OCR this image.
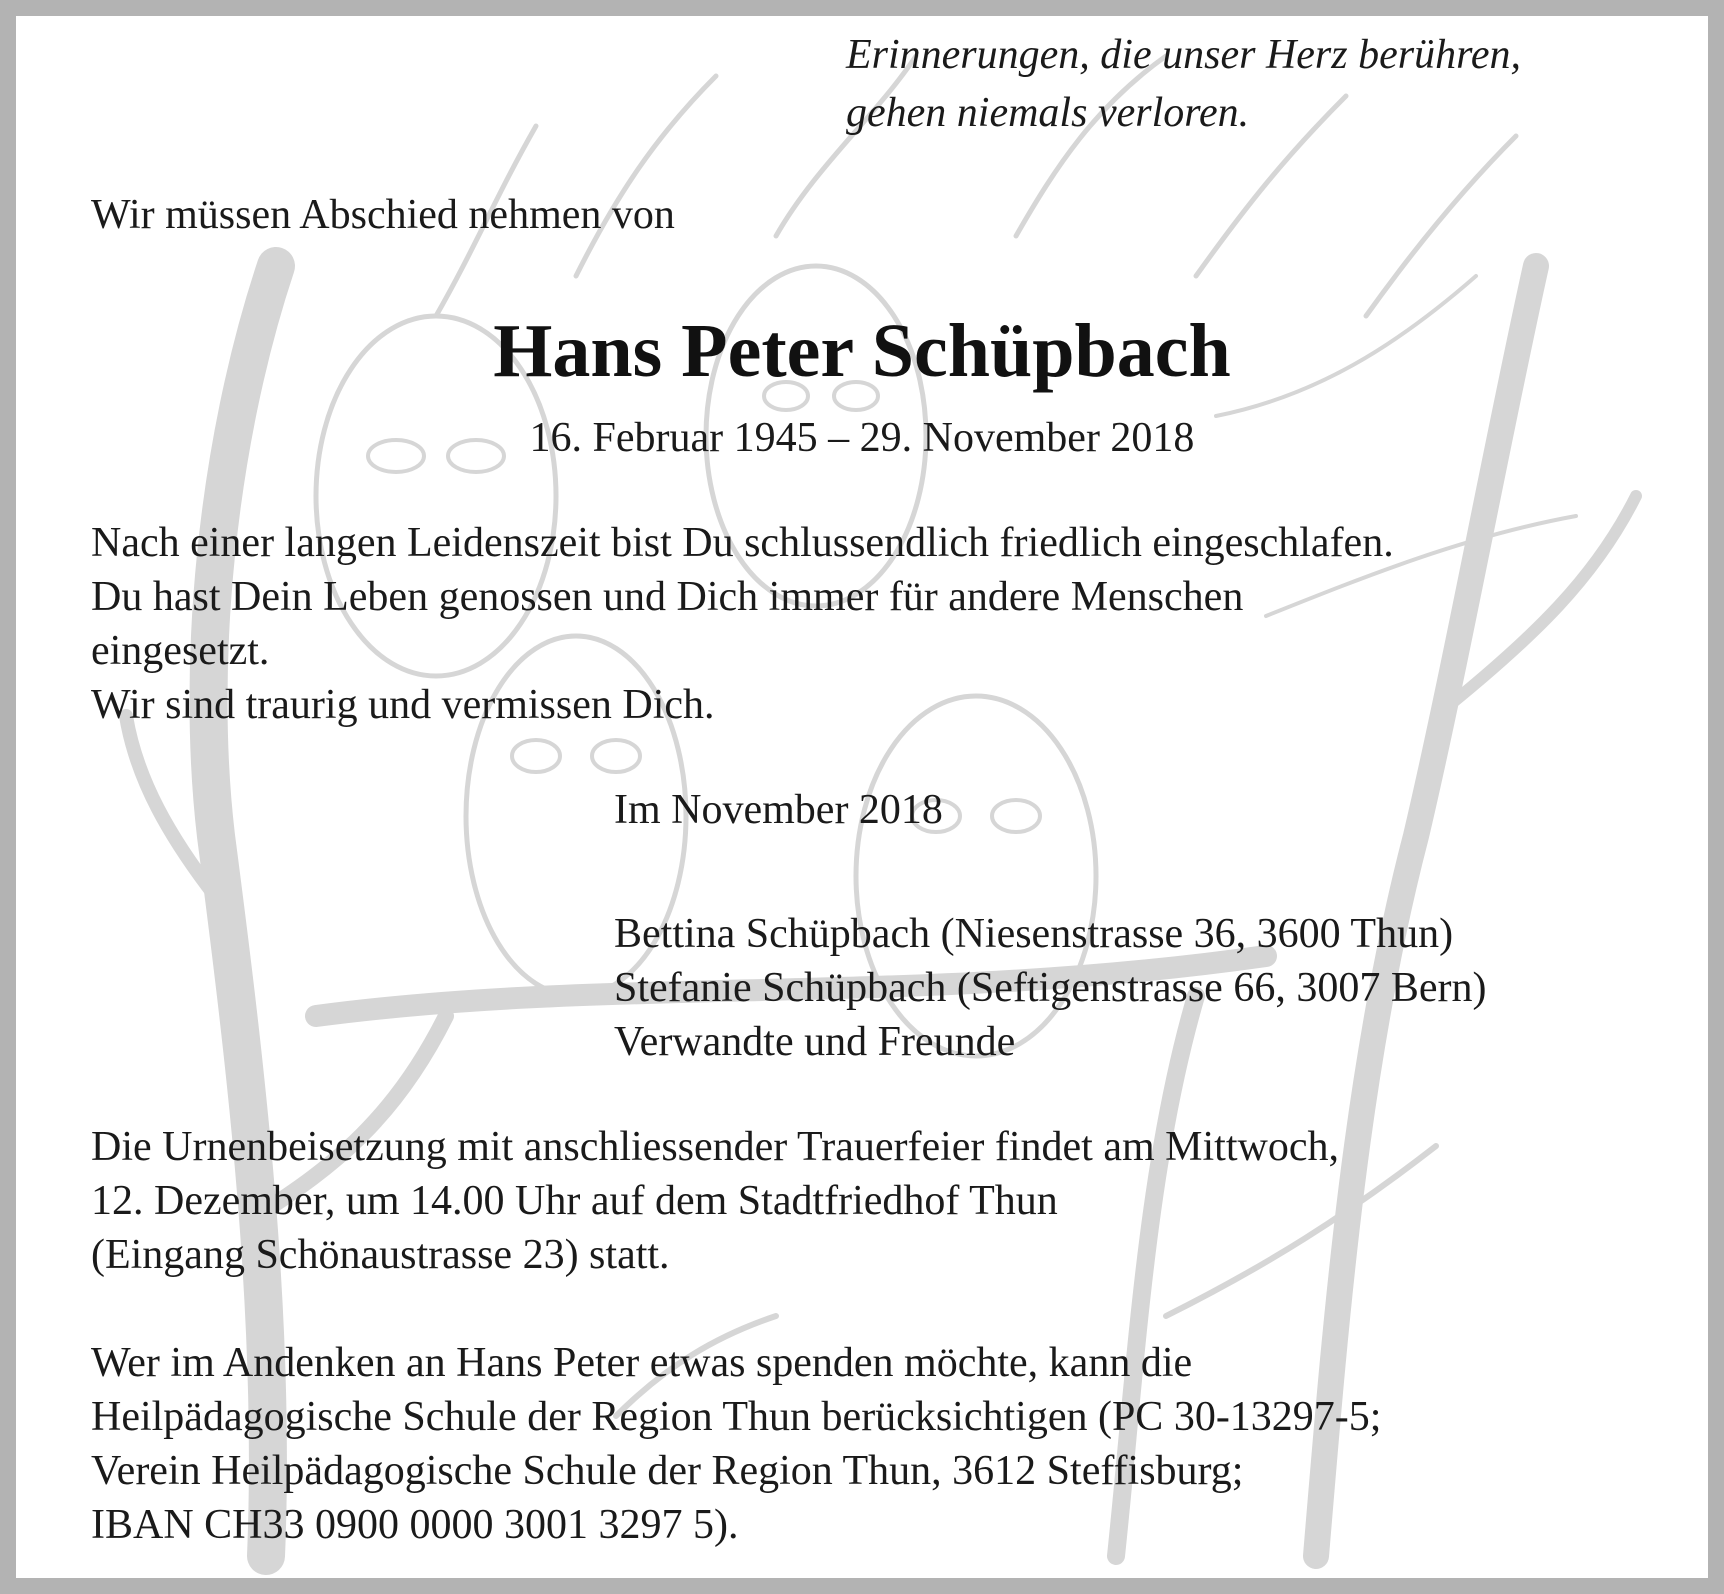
Erinnerungen, die unser Herz berühren,
gehen niemals verloren.
Wir müssen Abschied nehmen von
Hans Peter Schüpbach
16. Februar 1945 – 29. November 2018
Nach einer langen Leidenszeit bist Du schlussendlich friedlich eingeschlafen.
Du hast Dein Leben genossen und Dich immer für andere Menschen
eingesetzt.
Wir sind traurig und vermissen Dich.
Im November 2018
Bettina Schüpbach (Niesenstrasse 36, 3600 Thun)
Stefanie Schüpbach (Seftigenstrasse 66, 3007 Bern)
Verwandte und Freunde
Die Urnenbeisetzung mit anschliessender Trauerfeier findet am Mittwoch,
12. Dezember, um 14.00 Uhr auf dem Stadtfriedhof Thun
(Eingang Schönaustrasse 23) statt.
Wer im Andenken an Hans Peter etwas spenden möchte, kann die
Heilpädagogische Schule der Region Thun berücksichtigen (PC 30-13297-5;
Verein Heilpädagogische Schule der Region Thun, 3612 Steffisburg;
IBAN CH33 0900 0000 3001 3297 5).
